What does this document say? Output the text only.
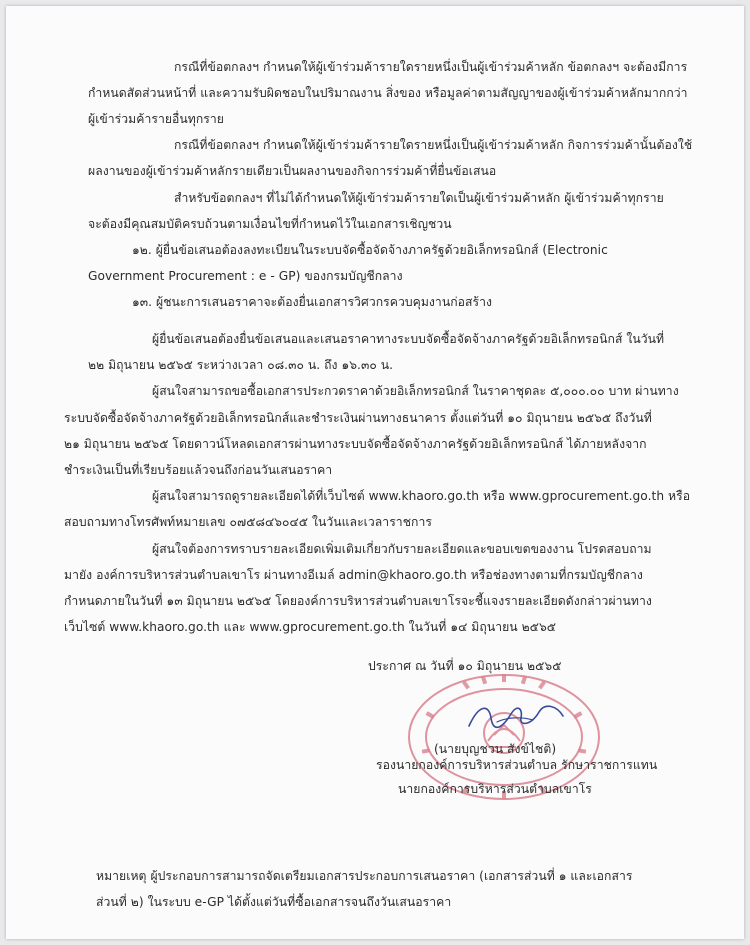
กรณีที่ข้อตกลงฯ กำหนดให้ผู้เข้าร่วมค้ารายใดรายหนึ่งเป็นผู้เข้าร่วมค้าหลัก ข้อตกลงฯ จะต้องมีการ
กำหนดสัดส่วนหน้าที่ และความรับผิดชอบในปริมาณงาน สิ่งของ หรือมูลค่าตามสัญญาของผู้เข้าร่วมค้าหลักมากกว่า
ผู้เข้าร่วมค้ารายอื่นทุกราย
กรณีที่ข้อตกลงฯ กำหนดให้ผู้เข้าร่วมค้ารายใดรายหนึ่งเป็นผู้เข้าร่วมค้าหลัก กิจการร่วมค้านั้นต้องใช้
ผลงานของผู้เข้าร่วมค้าหลักรายเดียวเป็นผลงานของกิจการร่วมค้าที่ยื่นข้อเสนอ
สำหรับข้อตกลงฯ ที่ไม่ได้กำหนดให้ผู้เข้าร่วมค้ารายใดเป็นผู้เข้าร่วมค้าหลัก ผู้เข้าร่วมค้าทุกราย
จะต้องมีคุณสมบัติครบถ้วนตามเงื่อนไขที่กำหนดไว้ในเอกสารเชิญชวน
๑๒. ผู้ยื่นข้อเสนอต้องลงทะเบียนในระบบจัดซื้อจัดจ้างภาครัฐด้วยอิเล็กทรอนิกส์ (Electronic
Government Procurement : e - GP) ของกรมบัญชีกลาง
๑๓. ผู้ชนะการเสนอราคาจะต้องยื่นเอกสารวิศวกรควบคุมงานก่อสร้าง
ผู้ยื่นข้อเสนอต้องยื่นข้อเสนอและเสนอราคาทางระบบจัดซื้อจัดจ้างภาครัฐด้วยอิเล็กทรอนิกส์ ในวันที่
๒๒ มิถุนายน ๒๕๖๕ ระหว่างเวลา ๐๘.๓๐ น. ถึง ๑๖.๓๐ น.
ผู้สนใจสามารถขอซื้อเอกสารประกวดราคาด้วยอิเล็กทรอนิกส์ ในราคาชุดละ ๕,๐๐๐.๐๐ บาท ผ่านทาง
ระบบจัดซื้อจัดจ้างภาครัฐด้วยอิเล็กทรอนิกส์และชำระเงินผ่านทางธนาคาร ตั้งแต่วันที่ ๑๐ มิถุนายน ๒๕๖๕ ถึงวันที่
๒๑ มิถุนายน ๒๕๖๕ โดยดาวน์โหลดเอกสารผ่านทางระบบจัดซื้อจัดจ้างภาครัฐด้วยอิเล็กทรอนิกส์ ได้ภายหลังจาก
ชำระเงินเป็นที่เรียบร้อยแล้วจนถึงก่อนวันเสนอราคา
ผู้สนใจสามารถดูรายละเอียดได้ที่เว็บไซต์ www.khaoro.go.th หรือ www.gprocurement.go.th หรือ
สอบถามทางโทรศัพท์หมายเลข ๐๗๕๘๔๖๐๔๕ ในวันและเวลาราชการ
ผู้สนใจต้องการทราบรายละเอียดเพิ่มเติมเกี่ยวกับรายละเอียดและขอบเขตของงาน โปรดสอบถาม
มายัง องค์การบริหารส่วนตำบลเขาโร ผ่านทางอีเมล์ admin@khaoro.go.th หรือช่องทางตามที่กรมบัญชีกลาง
กำหนดภายในวันที่ ๑๓ มิถุนายน ๒๕๖๕ โดยองค์การบริหารส่วนตำบลเขาโรจะชี้แจงรายละเอียดดังกล่าวผ่านทาง
เว็บไซต์ www.khaoro.go.th และ www.gprocurement.go.th ในวันที่ ๑๔ มิถุนายน ๒๕๖๕
ประกาศ ณ วันที่ ๑๐ มิถุนายน ๒๕๖๕
(นายบุญชวน สังข์ไชติ)
รองนายกองค์การบริหารส่วนตำบล รักษาราชการแทน
นายกองค์การบริหารส่วนตำบลเขาโร
หมายเหตุ ผู้ประกอบการสามารถจัดเตรียมเอกสารประกอบการเสนอราคา (เอกสารส่วนที่ ๑ และเอกสาร
ส่วนที่ ๒) ในระบบ e-GP ได้ตั้งแต่วันที่ซื้อเอกสารจนถึงวันเสนอราคา
